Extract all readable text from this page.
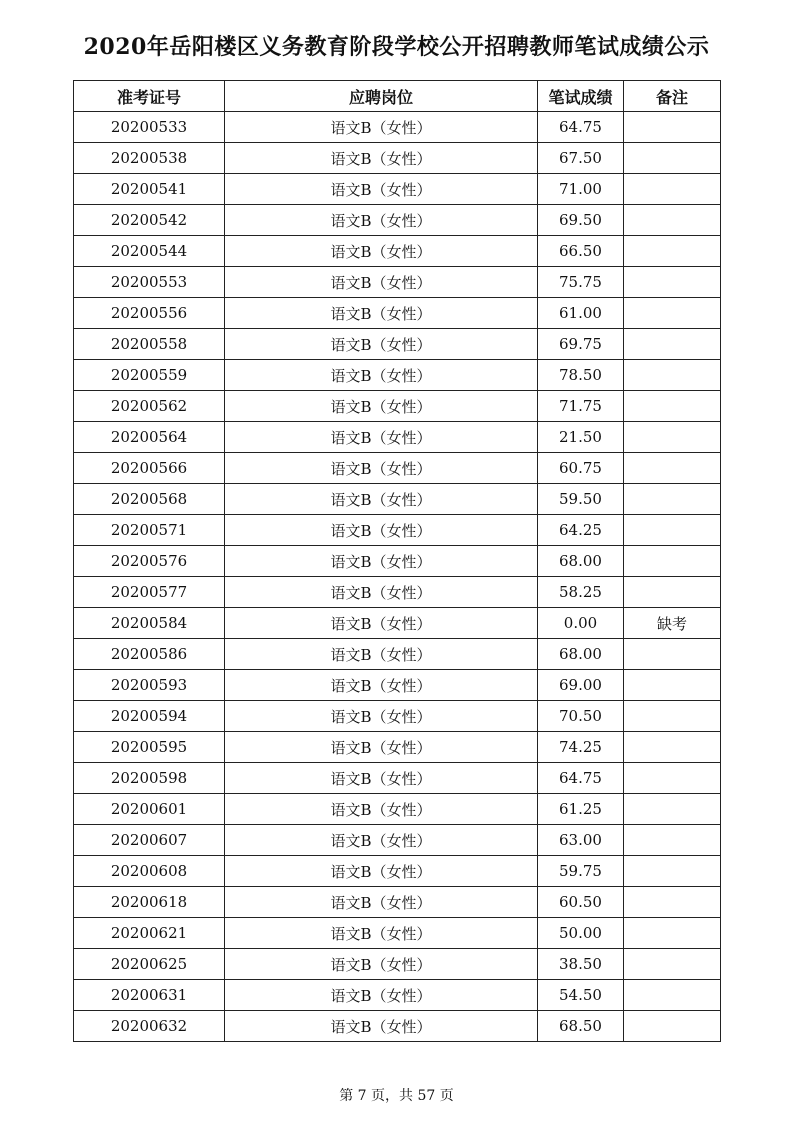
2020年岳阳楼区义务教育阶段学校公开招聘教师笔试成绩公示
准考证号	应聘岗位	笔试成绩	备注
20200533	语文B（女性）	64.75	
20200538	语文B（女性）	67.50	
20200541	语文B（女性）	71.00	
20200542	语文B（女性）	69.50	
20200544	语文B（女性）	66.50	
20200553	语文B（女性）	75.75	
20200556	语文B（女性）	61.00	
20200558	语文B（女性）	69.75	
20200559	语文B（女性）	78.50	
20200562	语文B（女性）	71.75	
20200564	语文B（女性）	21.50	
20200566	语文B（女性）	60.75	
20200568	语文B（女性）	59.50	
20200571	语文B（女性）	64.25	
20200576	语文B（女性）	68.00	
20200577	语文B（女性）	58.25	
20200584	语文B（女性）	0.00	缺考
20200586	语文B（女性）	68.00	
20200593	语文B（女性）	69.00	
20200594	语文B（女性）	70.50	
20200595	语文B（女性）	74.25	
20200598	语文B（女性）	64.75	
20200601	语文B（女性）	61.25	
20200607	语文B（女性）	63.00	
20200608	语文B（女性）	59.75	
20200618	语文B（女性）	60.50	
20200621	语文B（女性）	50.00	
20200625	语文B（女性）	38.50	
20200631	语文B（女性）	54.50	
20200632	语文B（女性）	68.50	
第 7 页，共 57 页
